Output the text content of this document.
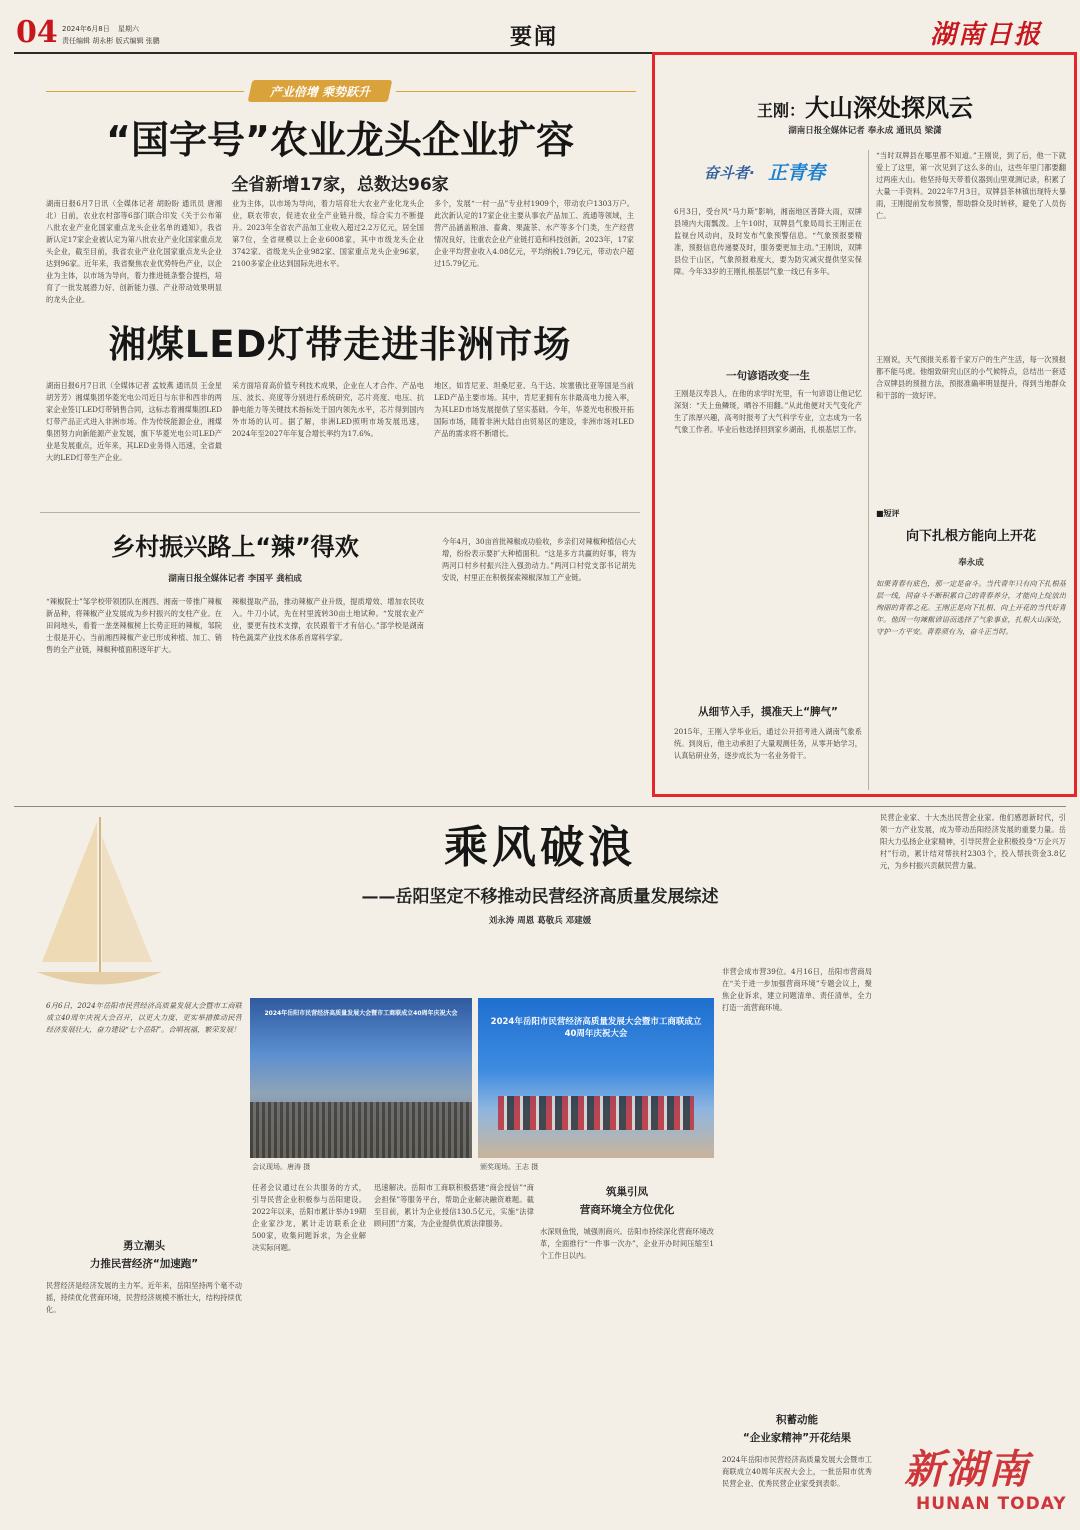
04 2024年6月8日 星期六
责任编辑 胡永彬 版式编辑 张鹏	要闻	湖南日报
产业倍增 乘势跃升
“国字号”农业龙头企业扩容
全省新增17家，总数达96家
湖南日报6月7日讯（全媒体记者 胡盼盼 通讯员 唐湘北）日前，农业农村部等6部门联合印发《关于公布第八批农业产业化国家重点龙头企业名单的通知》，我省新认定17家企业被认定为第八批农业产业化国家重点龙头企业，截至目前，我省农业产业化国家重点龙头企业达到96家。近年来，我省聚焦农业优势特色产业，以企业为主体，以市场为导向，着力推进链条整合提档，培育了一批发展潜力好、创新能力强、产业带动效果明显的龙头企业。
业为主体，以市场为导向，着力培育壮大农业产业化龙头企业，联农带农，促进农业全产业链升级，综合实力不断提升。2023年全省农产品加工业收入超过2.2万亿元，居全国第7位，全省规模以上企业6008家，其中市级龙头企业3742家、省级龙头企业982家、国家重点龙头企业96家，2100多家企业达到国际先进水平。
多个，发展“一村一品”专业村1909个，带动农户1303万户。此次新认定的17家企业主要从事农产品加工、流通等领域，主营产品涵盖粮油、畜禽、果蔬茶、水产等多个门类，生产经营情况良好，注重农企业产业链打造和科技创新，2023年，17家企业平均营业收入4.08亿元，平均纳税1.79亿元，带动农户超过15.79亿元。
湘煤LED灯带走进非洲市场
湖南日报6月7日讯（全媒体记者 孟姣燕 通讯员 王金星 胡芳芳）湘煤集团华菱光电公司近日与东非和西非的两家企业签订LED灯带销售合同，这标志着湘煤集团LED灯带产品正式进入非洲市场。作为传统能源企业，湘煤集团努力向新能源产业发展，旗下华菱光电公司LED产业是发展重点，近年来，其LED业务得入迅速，全省最大的LED灯带生产企业。
采方面培育高价值专利技术成果，企业在人才合作、产品电压、波长、亮度等分别进行系统研究，芯片亮度、电压、抗静电能力等关键技术指标处于国内领先水平，芯片得到国内外市场的认可。据了解，非洲LED照明市场发展迅速，2024年至2027年年复合增长率约为17.6%。
地区，如肯尼亚、坦桑尼亚、乌干达、埃塞俄比亚等国是当前LED产品主要市场。其中，肯尼亚拥有东非最高电力接入率，为其LED市场发展提供了坚实基础。今年，华菱光电积极开拓国际市场，随着非洲大陆自由贸易区的建设，非洲市场对LED产品的需求将不断增长。
乡村振兴路上“辣”得欢
湖南日报全媒体记者 李国平 龚柏成
“辣椒院士”邹学校带领团队在湘西、湘南一带推广辣椒新品种，将辣椒产业发展成为乡村振兴的支柱产业。在田间地头，看着一垄垄辣椒树上长势正旺的辣椒，邹院士很是开心。当前湘西辣椒产业已形成种植、加工、销售的全产业链，辣椒种植面积逐年扩大。
辣椒提取产品，推动辣椒产业升级，提质增效、增加农民收入。牛刀小试，先在村里流转30亩土地试种。“发展农业产业，要更有技术支撑，农民跟着干才有信心。”部学校是湖南特色蔬菜产业技术体系首席科学家。
今年4月，30亩首批辣椒成功验收，乡亲们对辣椒种植信心大增，纷纷表示要扩大种植面积。“这是多方共赢的好事，将为两河口村乡村振兴注入强劲动力。”两河口村党支部书记胡先安说，村里正在积极探索辣椒深加工产业链。
王刚：大山深处探风云
湖南日报全媒体记者 奉永成 通讯员 梁潇
奋斗者· 正青春
6月3日，受台风“马力斯”影响，湘南地区普降大雨，双牌县境内大雨瓢泼。上午10时，双牌县气象局局长王刚正在监视台风动向，及时发布气象预警信息。“气象预报要精准，预报信息传递要及时，服务要更加主动。”王刚说，双牌县位于山区，气象预报难度大，要为防灾减灾提供坚实保障。今年33岁的王刚扎根基层气象一线已有多年。
一句谚语改变一生
王刚是汉寿县人，在他的求学时光里，有一句谚语让他记忆深刻：“天上鱼鳞斑，晒谷不用翻。”从此他便对天气变化产生了浓厚兴趣，高考时报考了大气科学专业，立志成为一名气象工作者。毕业后他选择回到家乡湖南，扎根基层工作。
从细节入手，摸准天上“脾气”
2015年，王刚入学毕业后，通过公开招考进入湖南气象系统。到岗后，他主动承担了大量观测任务，从零开始学习，认真钻研业务，逐步成长为一名业务骨干。
“当时双牌县在哪里都不知道。”王刚说，到了后，他一下就爱上了这里，第一次见到了这么多的山，这些年里门都要翻过两座大山。他坚持每天带着仪器到山里观测记录，积累了大量一手资料。2022年7月3日，双牌县茶林镇出现特大暴雨，王刚提前发布预警，帮助群众及时转移，避免了人员伤亡。
王刚说，天气预报关系着千家万户的生产生活，每一次预报都不能马虎。他细致研究山区的小气候特点，总结出一套适合双牌县的预报方法，预报准确率明显提升，得到当地群众和干部的一致好评。
■短评
向下扎根方能向上开花
奉永成
如果青春有底色，那一定是奋斗。当代青年只有向下扎根基层一线，同奋斗不断积累自己的青春养分，才能向上绽放出绚丽的青春之花。王刚正是向下扎根、向上开花的当代好青年。他因一句辣椒谚语而选择了气象事业，扎根大山深处，守护一方平安。青春须有为，奋斗正当时。
乘风破浪
——岳阳坚定不移推动民营经济高质量发展综述
刘永涛 周恩 葛敬兵 邓建媛
6月6日，2024年岳阳市民营经济高质量发展大会暨市工商联成立40周年庆祝大会召开，以更大力度、更实举措推动民营经济发展壮大，奋力建设“七个岳阳”。合唱祝福，繁荣发展！
2024年岳阳市民营经济高质量发展大会暨市工商联成立40周年庆祝大会
会议现场。唐涛 摄
2024年岳阳市民营经济高质量发展大会暨市工商联成立40周年庆祝大会
颁奖现场。王志 摄
任者会议通过在公共服务的方式，引导民营企业积极参与岳阳建设。2022年以来，岳阳市累计举办19期企业家沙龙，累计走访联系企业500家，收集问题诉求，为企业解决实际问题。
迅速解决。岳阳市工商联积极搭建“商会授信”“商会担保”等服务平台，帮助企业解决融资难题。截至目前，累计为企业授信130.5亿元，实施“法律顾问团”方案，为企业提供优质法律服务。
勇立潮头
力推民营经济“加速跑”
民营经济是经济发展的主力军。近年来，岳阳坚持两个毫不动摇，持续优化营商环境，民营经济规模不断壮大，结构持续优化。
筑巢引凤
营商环境全方位优化
水深则鱼悦，城强则商兴。岳阳市持续深化营商环境改革，全面推行“一件事一次办”，企业开办时间压缩至1个工作日以内。
非营会成市营39位。4月16日，岳阳市营商局在“关于进一步加强营商环境”专题会议上，聚焦企业诉求，建立问题清单、责任清单，全力打造一流营商环境。
积蓄动能
“企业家精神”开花结果
2024年岳阳市民营经济高质量发展大会暨市工商联成立40周年庆祝大会上，一批岳阳市优秀民营企业、优秀民营企业家受到表彰。
民营企业家、十大杰出民营企业家。他们感恩新时代，引领一方产业发展，成为带动岳阳经济发展的重要力量。岳阳大力弘扬企业家精神，引导民营企业积极投身“万企兴万村”行动，累计结对帮扶村2303个，投入帮扶资金3.8亿元，为乡村振兴贡献民营力量。
新湖南
HUNAN TODAY
